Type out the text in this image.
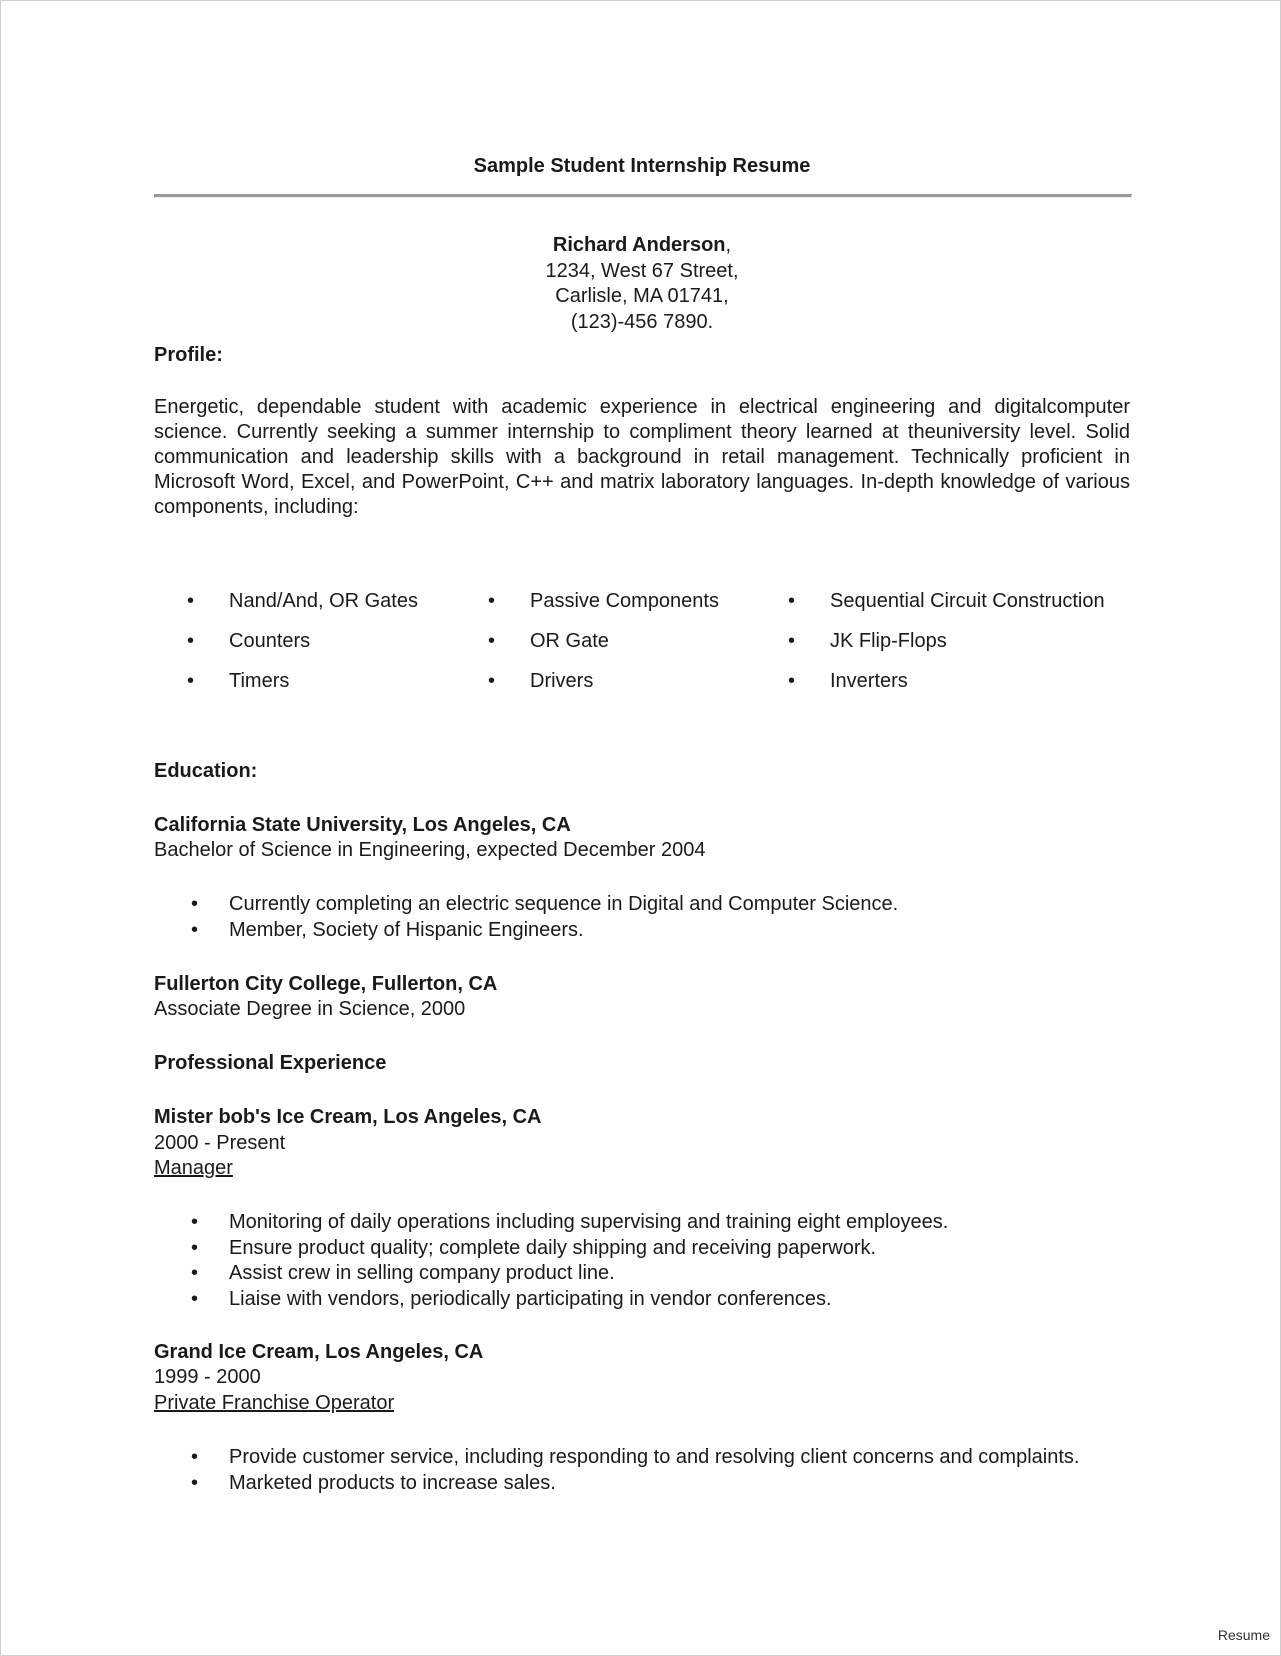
Sample Student Internship Resume
Richard Anderson,
1234, West 67 Street,
Carlisle, MA 01741,
(123)-456 7890.
Profile:

Energetic, dependable student with academic experience in electrical engineering and digitalcomputer science. Currently seeking a summer internship to compliment theory learned at theuniversity level. Solid communication and leadership skills with a background in retail management. Technically proficient in Microsoft Word, Excel, and PowerPoint, C++ and matrix laboratory languages. In-depth knowledge of various components, including:

• Nand/And, OR Gates	• Passive Components	• Sequential Circuit Construction
• Counters	• OR Gate	• JK Flip-Flops
• Timers	• Drivers	• Inverters
Education:
California State University, Los Angeles, CA
Bachelor of Science in Engineering, expected December 2004
• Currently completing an electric sequence in Digital and Computer Science.
• Member, Society of Hispanic Engineers.
Fullerton City College, Fullerton, CA
Associate Degree in Science, 2000
Professional Experience
Mister bob's Ice Cream, Los Angeles, CA
2000 - Present
Manager
• Monitoring of daily operations including supervising and training eight employees.
• Ensure product quality; complete daily shipping and receiving paperwork.
• Assist crew in selling company product line.
• Liaise with vendors, periodically participating in vendor conferences.
Grand Ice Cream, Los Angeles, CA
1999 - 2000
Private Franchise Operator
• Provide customer service, including responding to and resolving client concerns and complaints.
• Marketed products to increase sales.
Resume
